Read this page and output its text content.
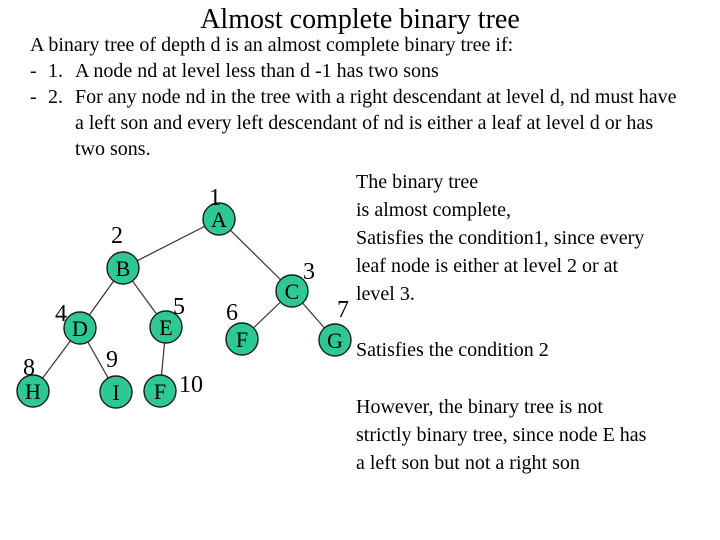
Almost complete binary tree
A binary tree of depth d is an almost complete binary tree if:
- 1. A node nd at level less than d -1 has two sons
- 2. For any node nd in the tree with a right descendant at level d, nd must have
a left son and every left descendant of nd is either a leaf at level d or has
two sons.
A
1
B
2
C
3
D
4
E
5
F
6
G
7
H
8
I
9
F 10
The binary tree
is almost complete,
Satisfies the condition1, since every
leaf node is either at level 2 or at
level 3.
Satisfies the condition 2
However, the binary tree is not
strictly binary tree, since node E has
a left son but not a right son
